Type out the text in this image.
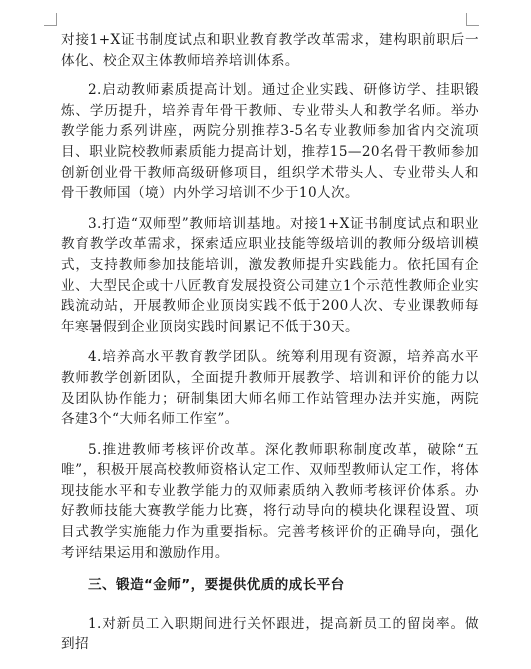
对接1+X证书制度试点和职业教育教学改革需求，建构职前职后一体化、校企双主体教师培养培训体系。

2.启动教师素质提高计划。通过企业实践、研修访学、挂职锻炼、学历提升，培养青年骨干教师、专业带头人和教学名师。举办教学能力系列讲座，两院分别推荐3-5名专业教师参加省内交流项目、职业院校教师素质能力提高计划，推荐15—20名骨干教师参加创新创业骨干教师高级研修项目，组织学术带头人、专业带头人和骨干教师国（境）内外学习培训不少于10人次。

3.打造“双师型”教师培训基地。对接1+X证书制度试点和职业教育教学改革需求，探索适应职业技能等级培训的教师分级培训模式，支持教师参加技能培训，激发教师提升实践能力。依托国有企业、大型民企或十八匠教育发展投资公司建立1个示范性教师企业实践流动站，开展教师企业顶岗实践不低于200人次、专业课教师每年寒暑假到企业顶岗实践时间累记不低于30天。

4.培养高水平教育教学团队。统筹利用现有资源，培养高水平教师教学创新团队，全面提升教师开展教学、培训和评价的能力以及团队协作能力；研制集团大师名师工作站管理办法并实施，两院各建3个“大师名师工作室”。

5.推进教师考核评价改革。深化教师职称制度改革，破除“五唯”，积极开展高校教师资格认定工作、双师型教师认定工作，将体现技能水平和专业教学能力的双师素质纳入教师考核评价体系。办好教师技能大赛教学能力比赛，将行动导向的模块化课程设置、项目式教学实施能力作为重要指标。完善考核评价的正确导向，强化考评结果运用和激励作用。

三、锻造“金师”，要提供优质的成长平台

1.对新员工入职期间进行关怀跟进，提高新员工的留岗率。做到招
